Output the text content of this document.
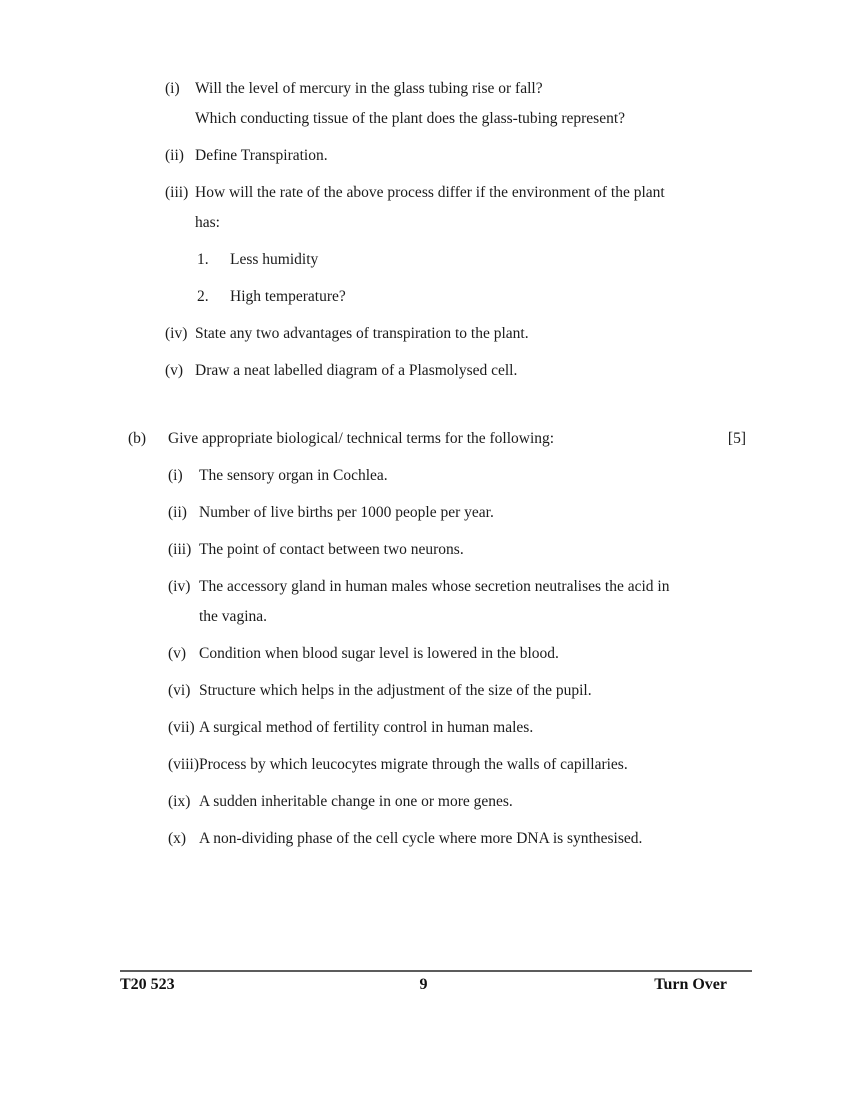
(i) Will the level of mercury in the glass tubing rise or fall?
Which conducting tissue of the plant does the glass-tubing represent?
(ii) Define Transpiration.
(iii) How will the rate of the above process differ if the environment of the plant
has:
1.	Less humidity
2.	High temperature?
(iv) State any two advantages of transpiration to the plant.
(v) Draw a neat labelled diagram of a Plasmolysed cell.
(b)	Give appropriate biological/ technical terms for the following:	[5]
(i)	The sensory organ in Cochlea.
(ii) Number of live births per 1000 people per year.
(iii) The point of contact between two neurons.
(iv) The accessory gland in human males whose secretion neutralises the acid in
the vagina.
(v) Condition when blood sugar level is lowered in the blood.
(vi) Structure which helps in the adjustment of the size of the pupil.
(vii) A surgical method of fertility control in human males.
(viii) Process by which leucocytes migrate through the walls of capillaries.
(ix) A sudden inheritable change in one or more genes.
(x) A non-dividing phase of the cell cycle where more DNA is synthesised.
T20 523	9	Turn Over
